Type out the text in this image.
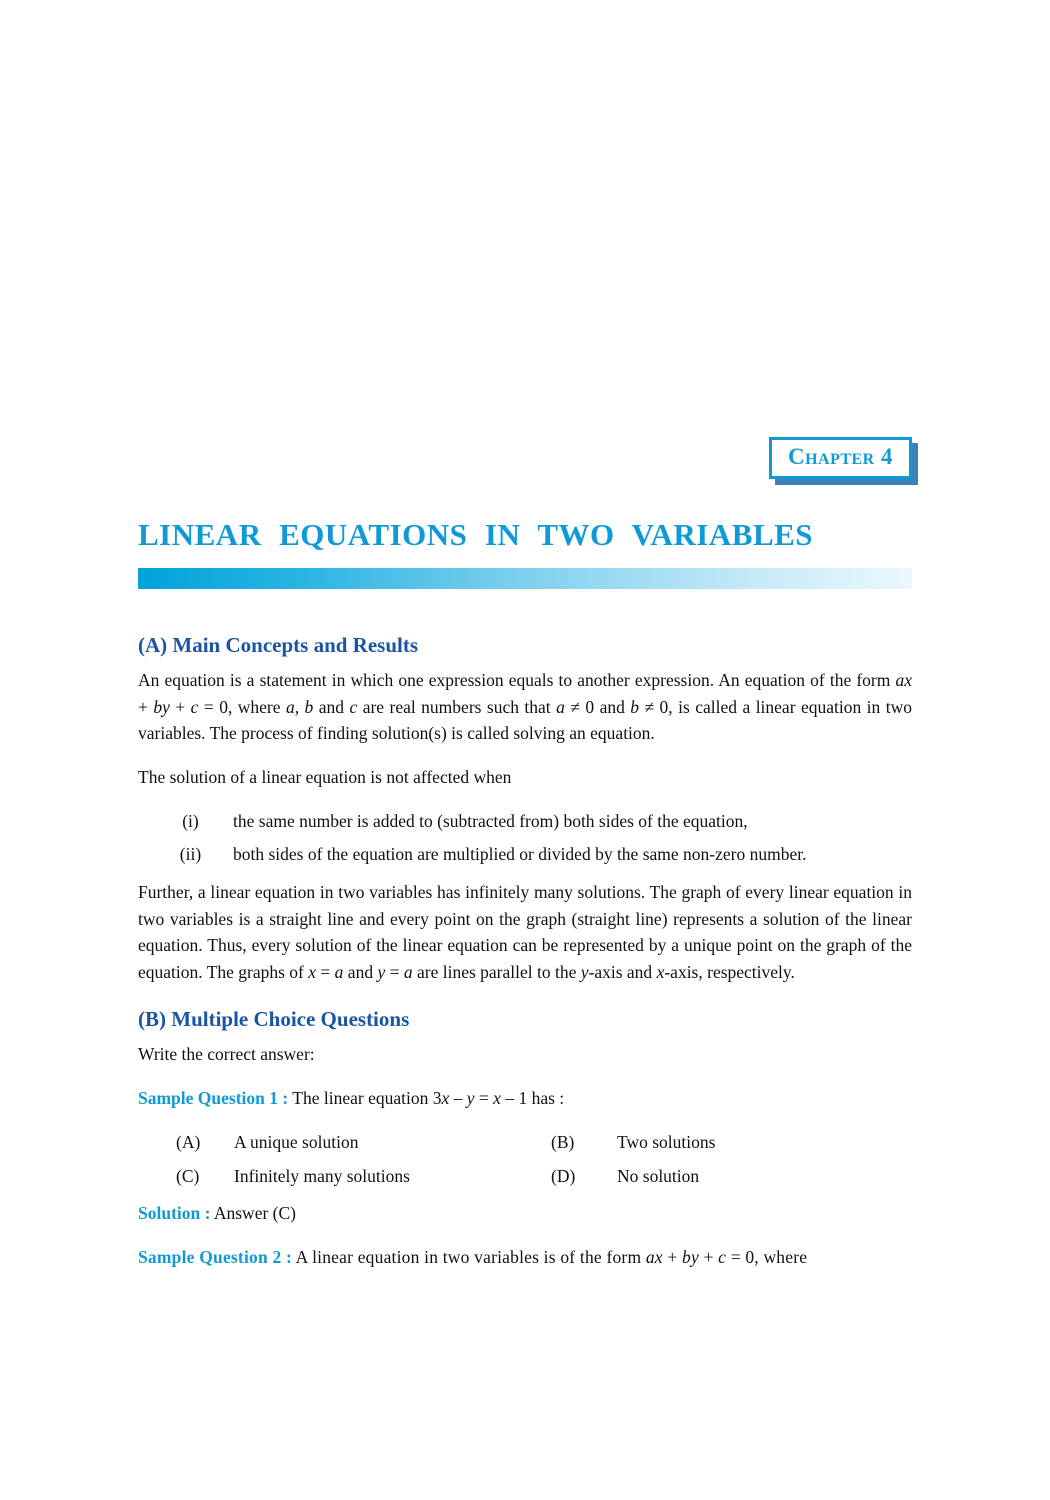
Chapter 4
LINEAR EQUATIONS IN TWO VARIABLES
(A) Main Concepts and Results

An equation is a statement in which one expression equals to another expression. An equation of the form ax + by + c = 0, where a, b and c are real numbers such that a ≠ 0 and b ≠ 0, is called a linear equation in two variables. The process of finding solution(s) is called solving an equation.

The solution of a linear equation is not affected when

(i)	the same number is added to (subtracted from) both sides of the equation,
(ii)	both sides of the equation are multiplied or divided by the same non-zero number.

Further, a linear equation in two variables has infinitely many solutions. The graph of every linear equation in two variables is a straight line and every point on the graph (straight line) represents a solution of the linear equation. Thus, every solution of the linear equation can be represented by a unique point on the graph of the equation. The graphs of x = a and y = a are lines parallel to the y-axis and x-axis, respectively.

(B) Multiple Choice Questions

Write the correct answer:

Sample Question 1 : The linear equation 3x – y = x – 1 has :

(A)	A unique solution	(B)	Two solutions
(C)	Infinitely many solutions	(D)	No solution

Solution : Answer (C)

Sample Question 2 : A linear equation in two variables is of the form ax + by + c = 0, where
